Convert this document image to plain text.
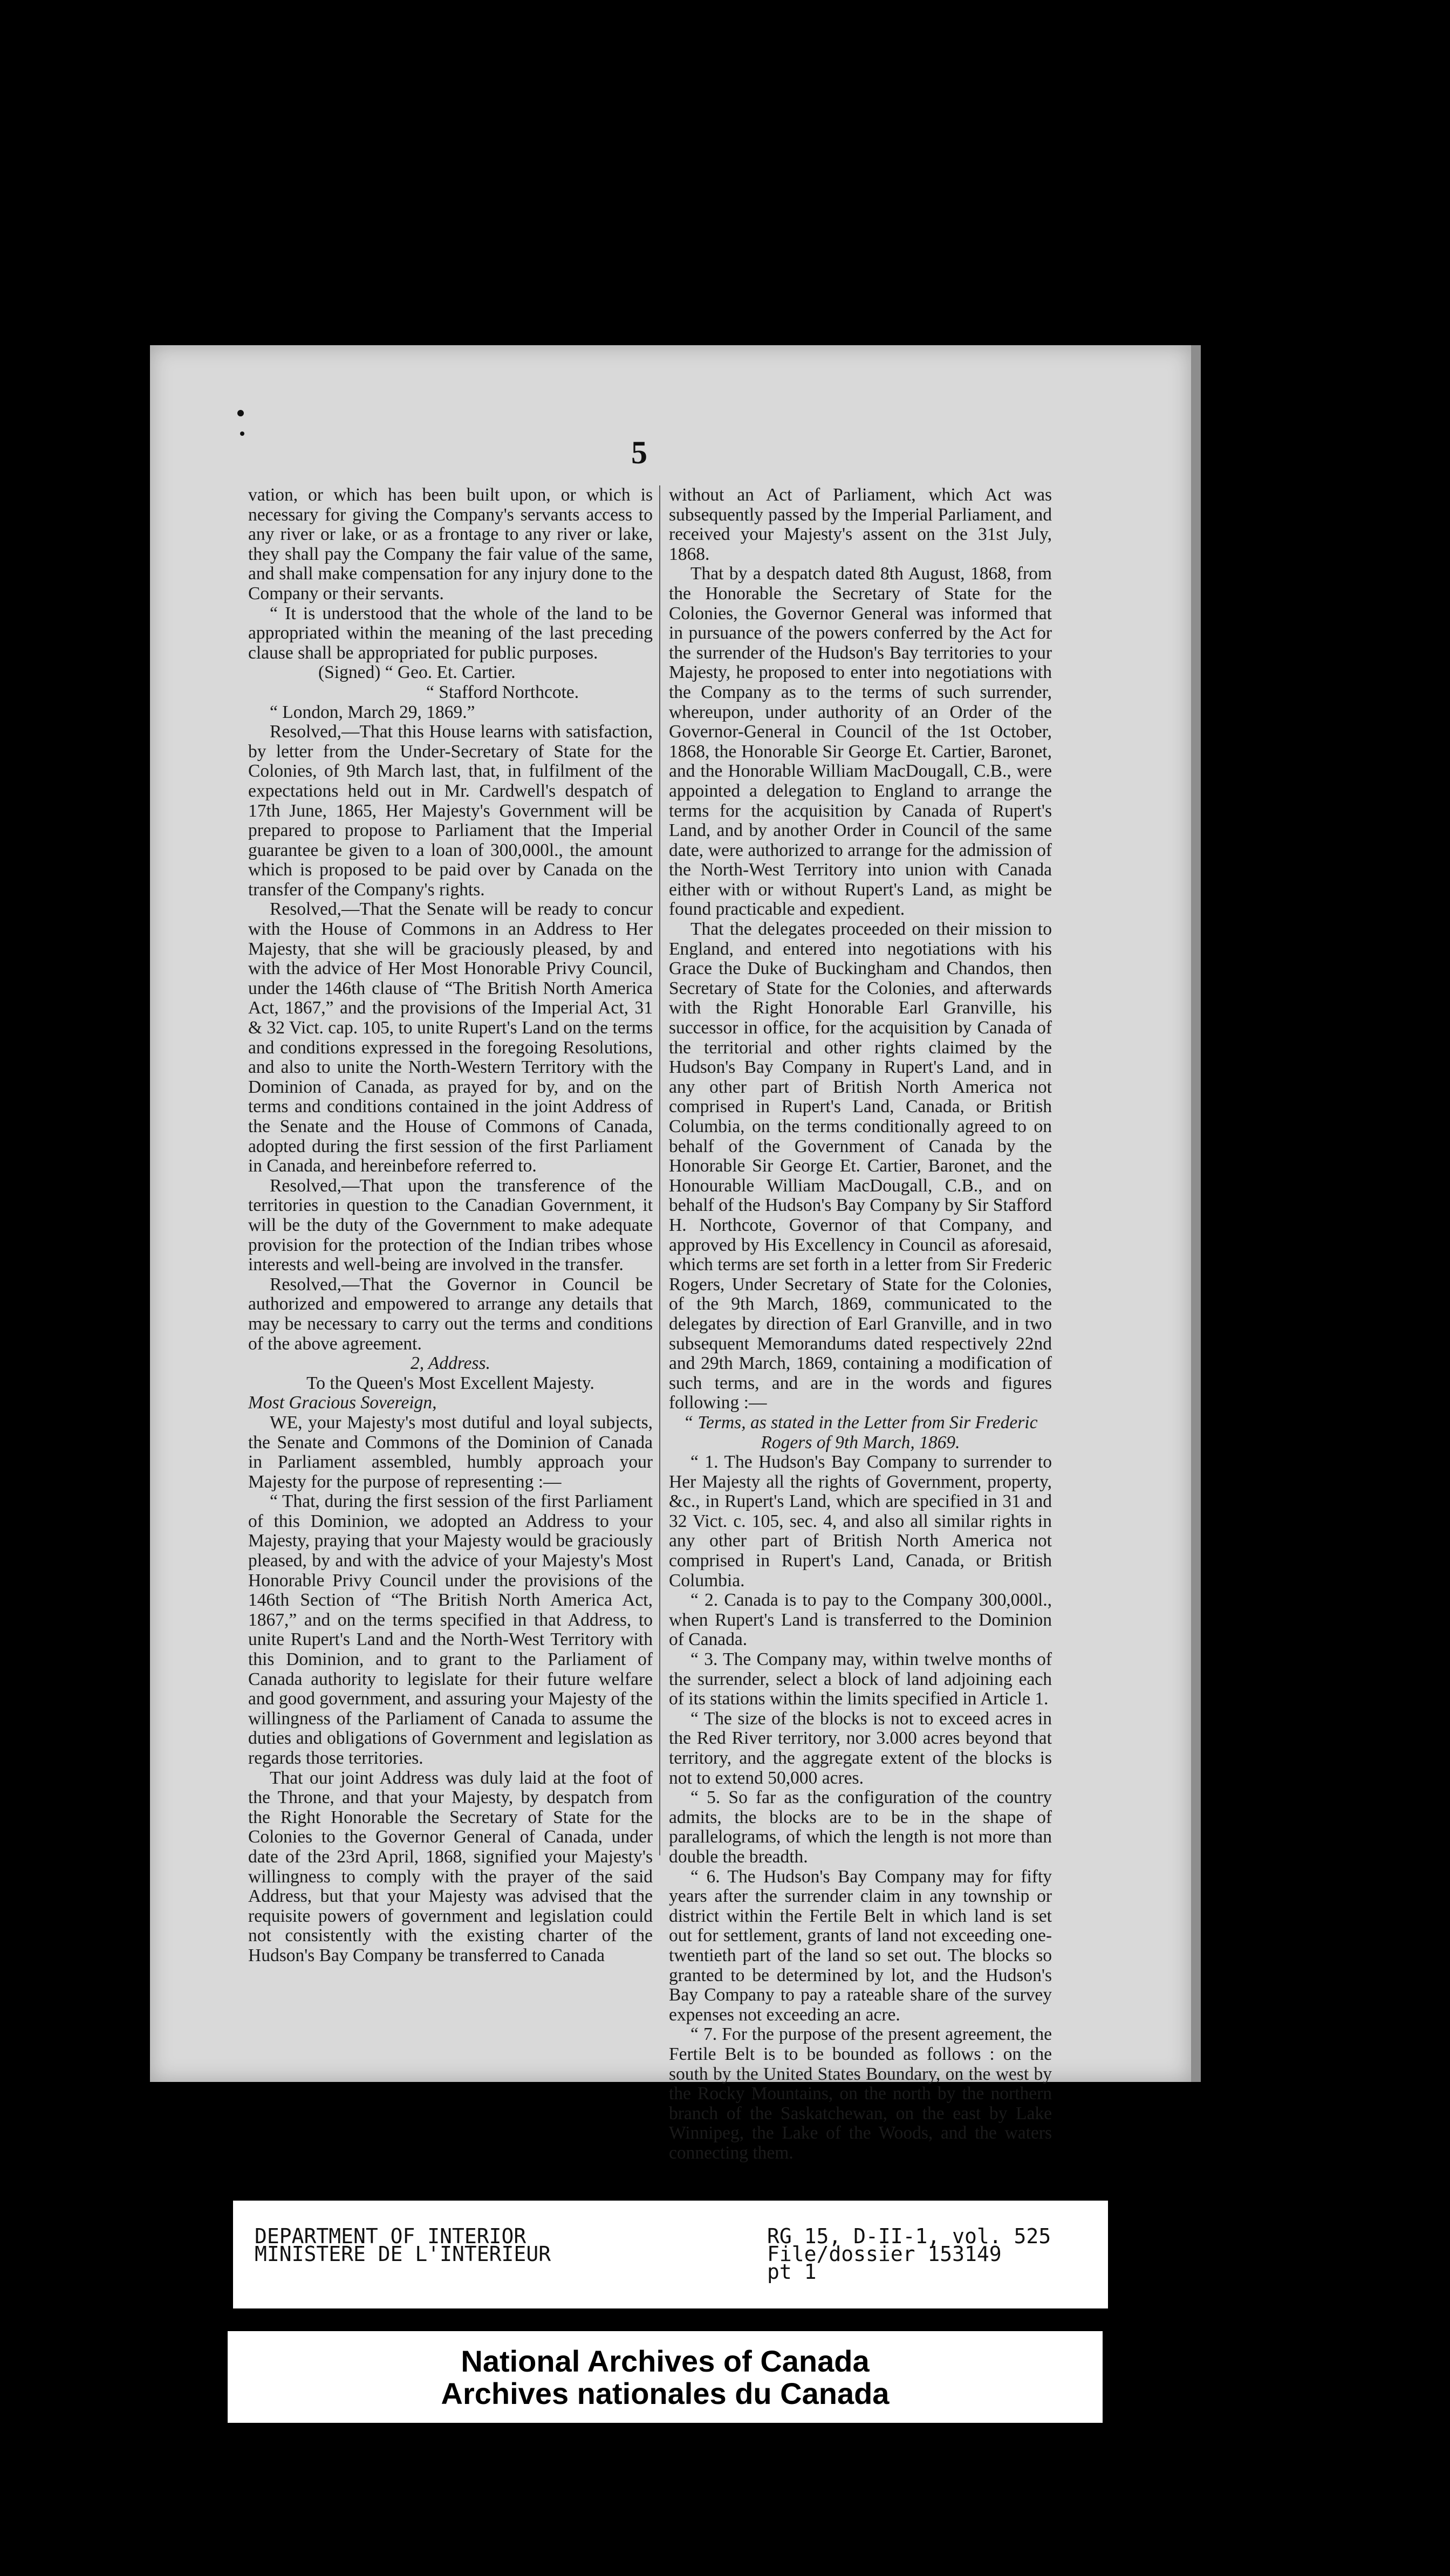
5

vation, or which has been built upon, or which is necessary for giving the Company's servants access to any river or lake, or as a frontage to any river or lake, they shall pay the Company the fair value of the same, and shall make compensation for any injury done to the Company or their servants.

“ It is understood that the whole of the land to be appropriated within the meaning of the last preceding clause shall be appropriated for public purposes.

(Signed) “ Geo. Et. Cartier.

“ Stafford Northcote.

“ London, March 29, 1869.”

Resolved,—That this House learns with satisfaction, by letter from the Under-Secretary of State for the Colonies, of 9th March last, that, in fulfilment of the expectations held out in Mr. Cardwell's despatch of 17th June, 1865, Her Majesty's Government will be prepared to propose to Parliament that the Imperial guarantee be given to a loan of 300,000l., the amount which is proposed to be paid over by Canada on the transfer of the Company's rights.

Resolved,—That the Senate will be ready to concur with the House of Commons in an Address to Her Majesty, that she will be graciously pleased, by and with the advice of Her Most Honorable Privy Council, under the 146th clause of “The British North America Act, 1867,” and the provisions of the Imperial Act, 31 & 32 Vict. cap. 105, to unite Rupert's Land on the terms and conditions expressed in the foregoing Resolutions, and also to unite the North-Western Territory with the Dominion of Canada, as prayed for by, and on the terms and conditions contained in the joint Address of the Senate and the House of Commons of Canada, adopted during the first session of the first Parliament in Canada, and hereinbefore referred to.

Resolved,—That upon the transference of the territories in question to the Canadian Government, it will be the duty of the Government to make adequate provision for the protection of the Indian tribes whose interests and well-being are involved in the transfer.

Resolved,—That the Governor in Council be authorized and empowered to arrange any details that may be necessary to carry out the terms and conditions of the above agreement.

2, Address.

To the Queen's Most Excellent Majesty.

Most Gracious Sovereign,

WE, your Majesty's most dutiful and loyal subjects, the Senate and Commons of the Dominion of Canada in Parliament assembled, humbly approach your Majesty for the purpose of representing :—

“ That, during the first session of the first Parliament of this Dominion, we adopted an Address to your Majesty, praying that your Majesty would be graciously pleased, by and with the advice of your Majesty's Most Honorable Privy Council under the provisions of the 146th Section of “The British North America Act, 1867,” and on the terms specified in that Address, to unite Rupert's Land and the North-West Territory with this Dominion, and to grant to the Parliament of Canada authority to legislate for their future welfare and good government, and assuring your Majesty of the willingness of the Parliament of Canada to assume the duties and obligations of Government and legislation as regards those territories.

That our joint Address was duly laid at the foot of the Throne, and that your Majesty, by despatch from the Right Honorable the Secretary of State for the Colonies to the Governor General of Canada, under date of the 23rd April, 1868, signified your Majesty's willingness to comply with the prayer of the said Address, but that your Majesty was advised that the requisite powers of government and legislation could not consistently with the existing charter of the Hudson's Bay Company be transferred to Canada

without an Act of Parliament, which Act was subsequently passed by the Imperial Parliament, and received your Majesty's assent on the 31st July, 1868.

That by a despatch dated 8th August, 1868, from the Honorable the Secretary of State for the Colonies, the Governor General was informed that in pursuance of the powers conferred by the Act for the surrender of the Hudson's Bay territories to your Majesty, he proposed to enter into negotiations with the Company as to the terms of such surrender, whereupon, under authority of an Order of the Governor-General in Council of the 1st October, 1868, the Honorable Sir George Et. Cartier, Baronet, and the Honorable William MacDougall, C.B., were appointed a delegation to England to arrange the terms for the acquisition by Canada of Rupert's Land, and by another Order in Council of the same date, were authorized to arrange for the admission of the North-West Territory into union with Canada either with or without Rupert's Land, as might be found practicable and expedient.

That the delegates proceeded on their mission to England, and entered into negotiations with his Grace the Duke of Buckingham and Chandos, then Secretary of State for the Colonies, and afterwards with the Right Honorable Earl Granville, his successor in office, for the acquisition by Canada of the territorial and other rights claimed by the Hudson's Bay Company in Rupert's Land, and in any other part of British North America not comprised in Rupert's Land, Canada, or British Columbia, on the terms conditionally agreed to on behalf of the Government of Canada by the Honorable Sir George Et. Cartier, Baronet, and the Honourable William MacDougall, C.B., and on behalf of the Hudson's Bay Company by Sir Stafford H. Northcote, Governor of that Company, and approved by His Excellency in Council as aforesaid, which terms are set forth in a letter from Sir Frederic Rogers, Under Secretary of State for the Colonies, of the 9th March, 1869, communicated to the delegates by direction of Earl Granville, and in two subsequent Memorandums dated respectively 22nd and 29th March, 1869, containing a modification of such terms, and are in the words and figures following :—

“ Terms, as stated in the Letter from Sir Frederic Rogers of 9th March, 1869.

“ 1. The Hudson's Bay Company to surrender to Her Majesty all the rights of Government, property, &c., in Rupert's Land, which are specified in 31 and 32 Vict. c. 105, sec. 4, and also all similar rights in any other part of British North America not comprised in Rupert's Land, Canada, or British Columbia.

“ 2. Canada is to pay to the Company 300,000l., when Rupert's Land is transferred to the Dominion of Canada.

“ 3. The Company may, within twelve months of the surrender, select a block of land adjoining each of its stations within the limits specified in Article 1.

“ The size of the blocks is not to exceed acres in the Red River territory, nor 3.000 acres beyond that territory, and the aggregate extent of the blocks is not to extend 50,000 acres.

“ 5. So far as the configuration of the country admits, the blocks are to be in the shape of parallelograms, of which the length is not more than double the breadth.

“ 6. The Hudson's Bay Company may for fifty years after the surrender claim in any township or district within the Fertile Belt in which land is set out for settlement, grants of land not exceeding one-twentieth part of the land so set out. The blocks so granted to be determined by lot, and the Hudson's Bay Company to pay a rateable share of the survey expenses not exceeding an acre.

“ 7. For the purpose of the present agreement, the Fertile Belt is to be bounded as follows : on the south by the United States Boundary, on the west by the Rocky Mountains, on the north by the northern branch of the Saskatchewan, on the east by Lake Winnipeg, the Lake of the Woods, and the waters connecting them.

DEPARTMENT OF INTERIOR
MINISTERE DE L'INTERIEUR
RG 15, D-II-1, vol. 525
File/dossier 153149
pt 1
National Archives of Canada
Archives nationales du Canada
